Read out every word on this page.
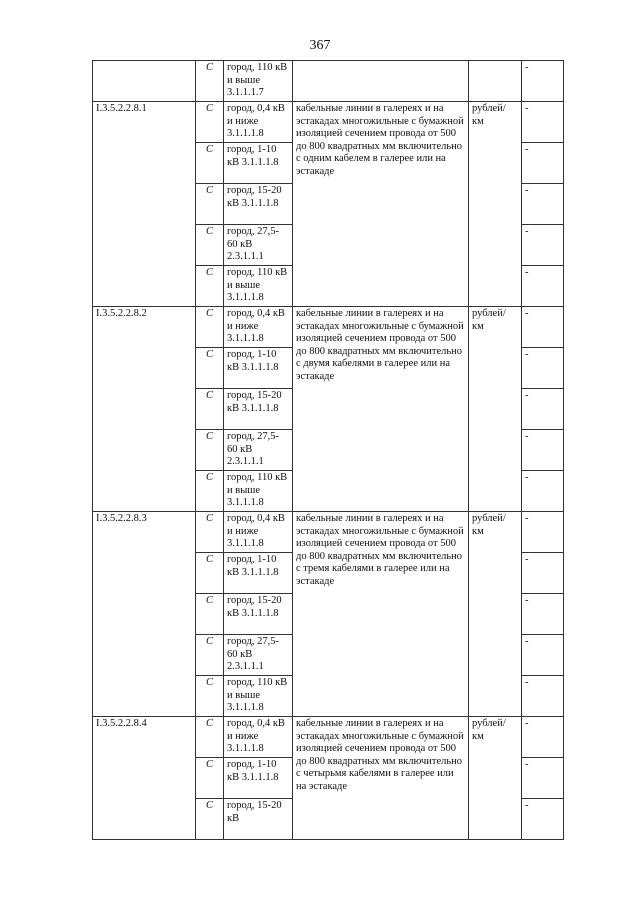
367
	С	город, 110 кВ и выше 3.1.1.1.7			-
I.3.5.2.2.8.1	С	город, 0,4 кВ и ниже 3.1.1.1.8	кабельные линии в галереях и на эстакадах многожильные с бумажной изоляцией сечением провода от 500 до 800 квадратных мм включительно с одним кабелем в галерее или на эстакаде	рублей/ км	-
	С	город, 1-10 кВ 3.1.1.1.8			-
	С	город, 15-20 кВ 3.1.1.1.8			-
	С	город, 27,5-60 кВ 2.3.1.1.1			-
	С	город, 110 кВ и выше 3.1.1.1.8			-
I.3.5.2.2.8.2	С	город, 0,4 кВ и ниже 3.1.1.1.8	кабельные линии в галереях и на эстакадах многожильные с бумажной изоляцией сечением провода от 500 до 800 квадратных мм включительно с двумя кабелями в галерее или на эстакаде	рублей/ км	-
	С	город, 1-10 кВ 3.1.1.1.8			-
	С	город, 15-20 кВ 3.1.1.1.8			-
	С	город, 27,5-60 кВ 2.3.1.1.1			-
	С	город, 110 кВ и выше 3.1.1.1.8			-
I.3.5.2.2.8.3	С	город, 0,4 кВ и ниже 3.1.1.1.8	кабельные линии в галереях и на эстакадах многожильные с бумажной изоляцией сечением провода от 500 до 800 квадратных мм включительно с тремя кабелями в галерее или на эстакаде	рублей/ км	-
	С	город, 1-10 кВ 3.1.1.1.8			-
	С	город, 15-20 кВ 3.1.1.1.8			-
	С	город, 27,5-60 кВ 2.3.1.1.1			-
	С	город, 110 кВ и выше 3.1.1.1.8			-
I.3.5.2.2.8.4	С	город, 0,4 кВ и ниже 3.1.1.1.8	кабельные линии в галереях и на эстакадах многожильные с бумажной изоляцией сечением провода от 500 до 800 квадратных мм включительно с четырьмя кабелями в галерее или на эстакаде	рублей/ км	-
	С	город, 1-10 кВ 3.1.1.1.8			-
	С	город, 15-20 кВ			-
